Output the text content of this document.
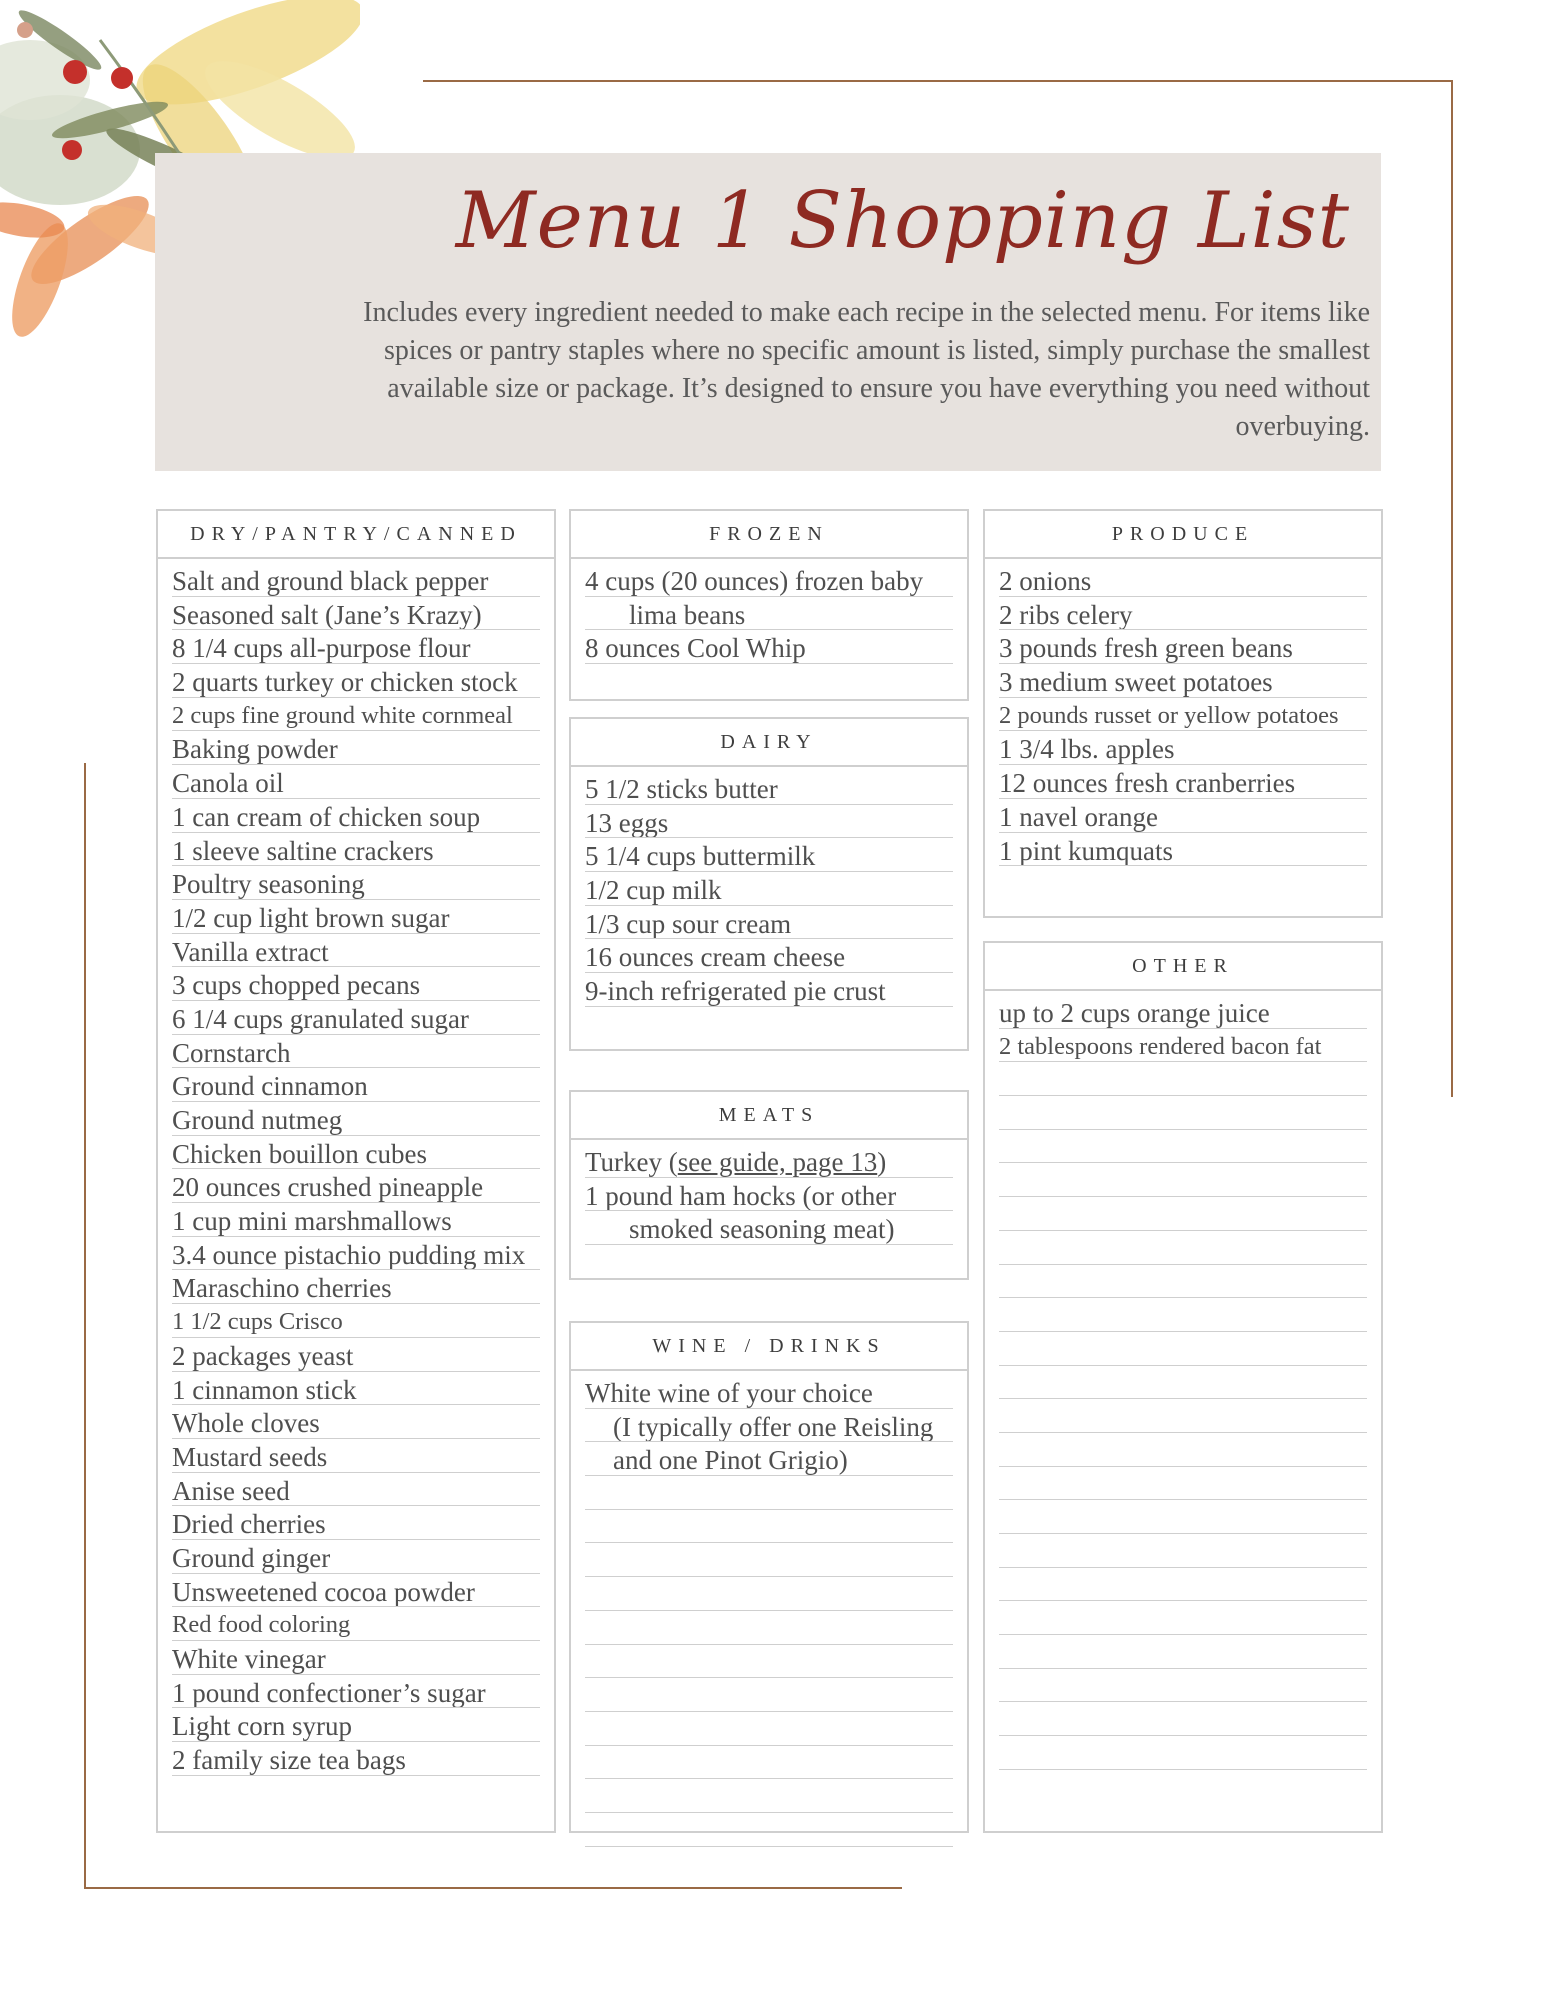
Menu 1 Shopping List

Includes every ingredient needed to make each recipe in the selected menu. For items like spices or pantry staples where no specific amount is listed, simply purchase the smallest available size or package. It’s designed to ensure you have everything you need without overbuying.

DRY/PANTRY/CANNED
Salt and ground black pepper
Seasoned salt (Jane’s Krazy)
8 1/4 cups all-purpose flour
2 quarts turkey or chicken stock
2 cups fine ground white cornmeal
Baking powder
Canola oil
1 can cream of chicken soup
1 sleeve saltine crackers
Poultry seasoning
1/2 cup light brown sugar
Vanilla extract
3 cups chopped pecans
6 1/4 cups granulated sugar
Cornstarch
Ground cinnamon
Ground nutmeg
Chicken bouillon cubes
20 ounces crushed pineapple
1 cup mini marshmallows
3.4 ounce pistachio pudding mix
Maraschino cherries
1 1/2 cups Crisco
2 packages yeast
1 cinnamon stick
Whole cloves
Mustard seeds
Anise seed
Dried cherries
Ground ginger
Unsweetened cocoa powder
Red food coloring
White vinegar
1 pound confectioner’s sugar
Light corn syrup
2 family size tea bags
FROZEN
4 cups (20 ounces) frozen baby
lima beans
8 ounces Cool Whip
DAIRY
5 1/2 sticks butter
13 eggs
5 1/4 cups buttermilk
1/2 cup milk
1/3 cup sour cream
16 ounces cream cheese
9-inch refrigerated pie crust
MEATS
Turkey (see guide, page 13)
1 pound ham hocks (or other
smoked seasoning meat)
WINE / DRINKS
White wine of your choice
(I typically offer one Reisling
and one Pinot Grigio)
PRODUCE
2 onions
2 ribs celery
3 pounds fresh green beans
3 medium sweet potatoes
2 pounds russet or yellow potatoes
1 3/4 lbs. apples
12 ounces fresh cranberries
1 navel orange
1 pint kumquats
OTHER
up to 2 cups orange juice
2 tablespoons rendered bacon fat
